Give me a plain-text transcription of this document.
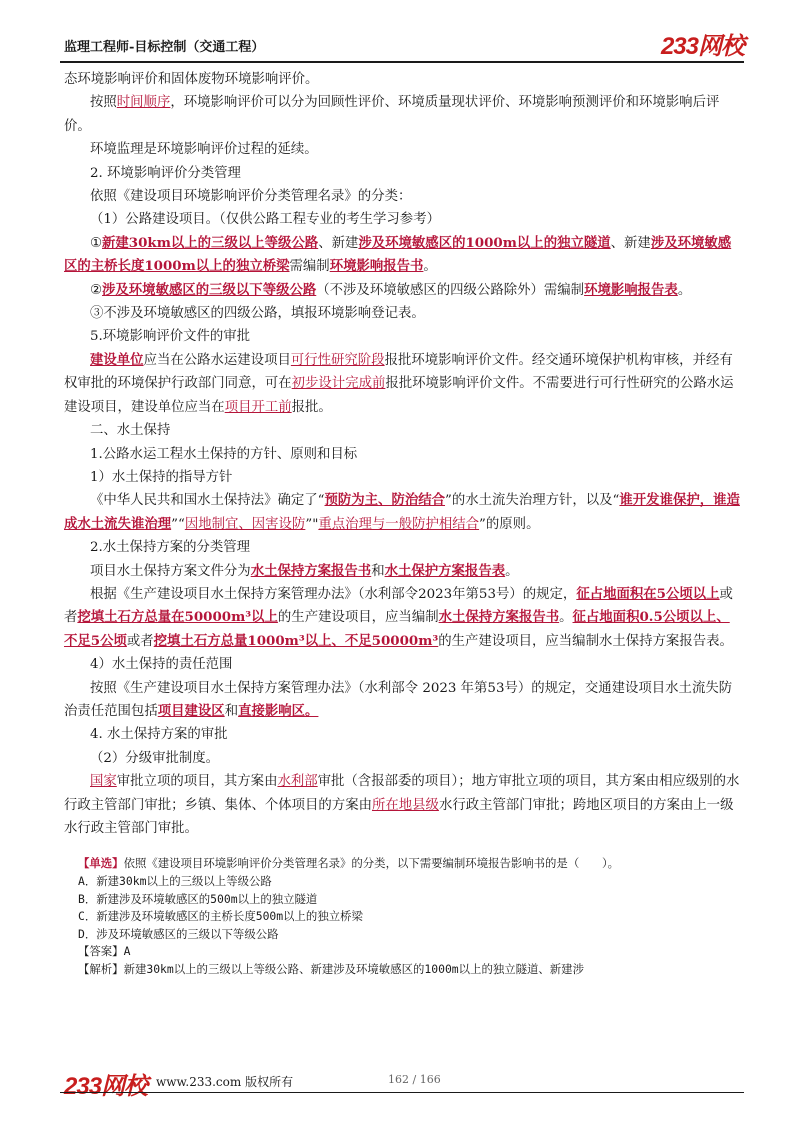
监理工程师-目标控制（交通工程）	233网校

态环境影响评价和固体废物环境影响评价。

按照时间顺序，环境影响评价可以分为回顾性评价、环境质量现状评价、环境影响预测评价和环境影响后评价。

环境监理是环境影响评价过程的延续。

2. 环境影响评价分类管理

依照《建设项目环境影响评价分类管理名录》的分类：

（1）公路建设项目。（仅供公路工程专业的考生学习参考）

①新建30km以上的三级以上等级公路、新建涉及环境敏感区的1000m以上的独立隧道、新建涉及环境敏感区的主桥长度1000m以上的独立桥梁需编制环境影响报告书。

②涉及环境敏感区的三级以下等级公路（不涉及环境敏感区的四级公路除外）需编制环境影响报告表。

③不涉及环境敏感区的四级公路，填报环境影响登记表。

5.环境影响评价文件的审批

建设单位应当在公路水运建设项目可行性研究阶段报批环境影响评价文件。经交通环境保护机构审核，并经有权审批的环境保护行政部门同意，可在初步设计完成前报批环境影响评价文件。不需要进行可行性研究的公路水运建设项目，建设单位应当在项目开工前报批。

二、水土保持

1.公路水运工程水土保持的方针、原则和目标

1）水土保持的指导方针

《中华人民共和国水土保持法》确定了“预防为主、防治结合”的水土流失治理方针，以及“谁开发谁保护，谁造成水土流失谁治理”“因地制宜、因害设防”"重点治理与一般防护相结合”的原则。

2.水土保持方案的分类管理

项目水土保持方案文件分为水土保持方案报告书和水土保护方案报告表。

根据《生产建设项目水土保持方案管理办法》（水利部令2023年第53号）的规定，征占地面积在5公顷以上或者挖填土石方总量在50000m³以上的生产建设项目，应当编制水土保持方案报告书。征占地面积0.5公顷以上、不足5公顷或者挖填土石方总量1000m³以上、不足50000m³的生产建设项目，应当编制水土保持方案报告表。

4）水土保持的责任范围

按照《生产建设项目水土保持方案管理办法》（水利部令 2023 年第53号）的规定，交通建设项目水土流失防治责任范围包括项目建设区和直接影响区。

4. 水土保持方案的审批

（2）分级审批制度。

国家审批立项的项目，其方案由水利部审批（含报部委的项目）；地方审批立项的项目，其方案由相应级别的水行政主管部门审批；乡镇、集体、个体项目的方案由所在地县级水行政主管部门审批；跨地区项目的方案由上一级水行政主管部门审批。

【单选】依照《建设项目环境影响评价分类管理名录》的分类，以下需要编制环境报告影响书的是（　　）。

A．新建30km以上的三级以上等级公路

B．新建涉及环境敏感区的500m以上的独立隧道

C．新建涉及环境敏感区的主桥长度500m以上的独立桥梁

D．涉及环境敏感区的三级以下等级公路

【答案】A

【解析】新建30km以上的三级以上等级公路、新建涉及环境敏感区的1000m以上的独立隧道、新建涉

233网校 www.233.com 版权所有	162 / 166
